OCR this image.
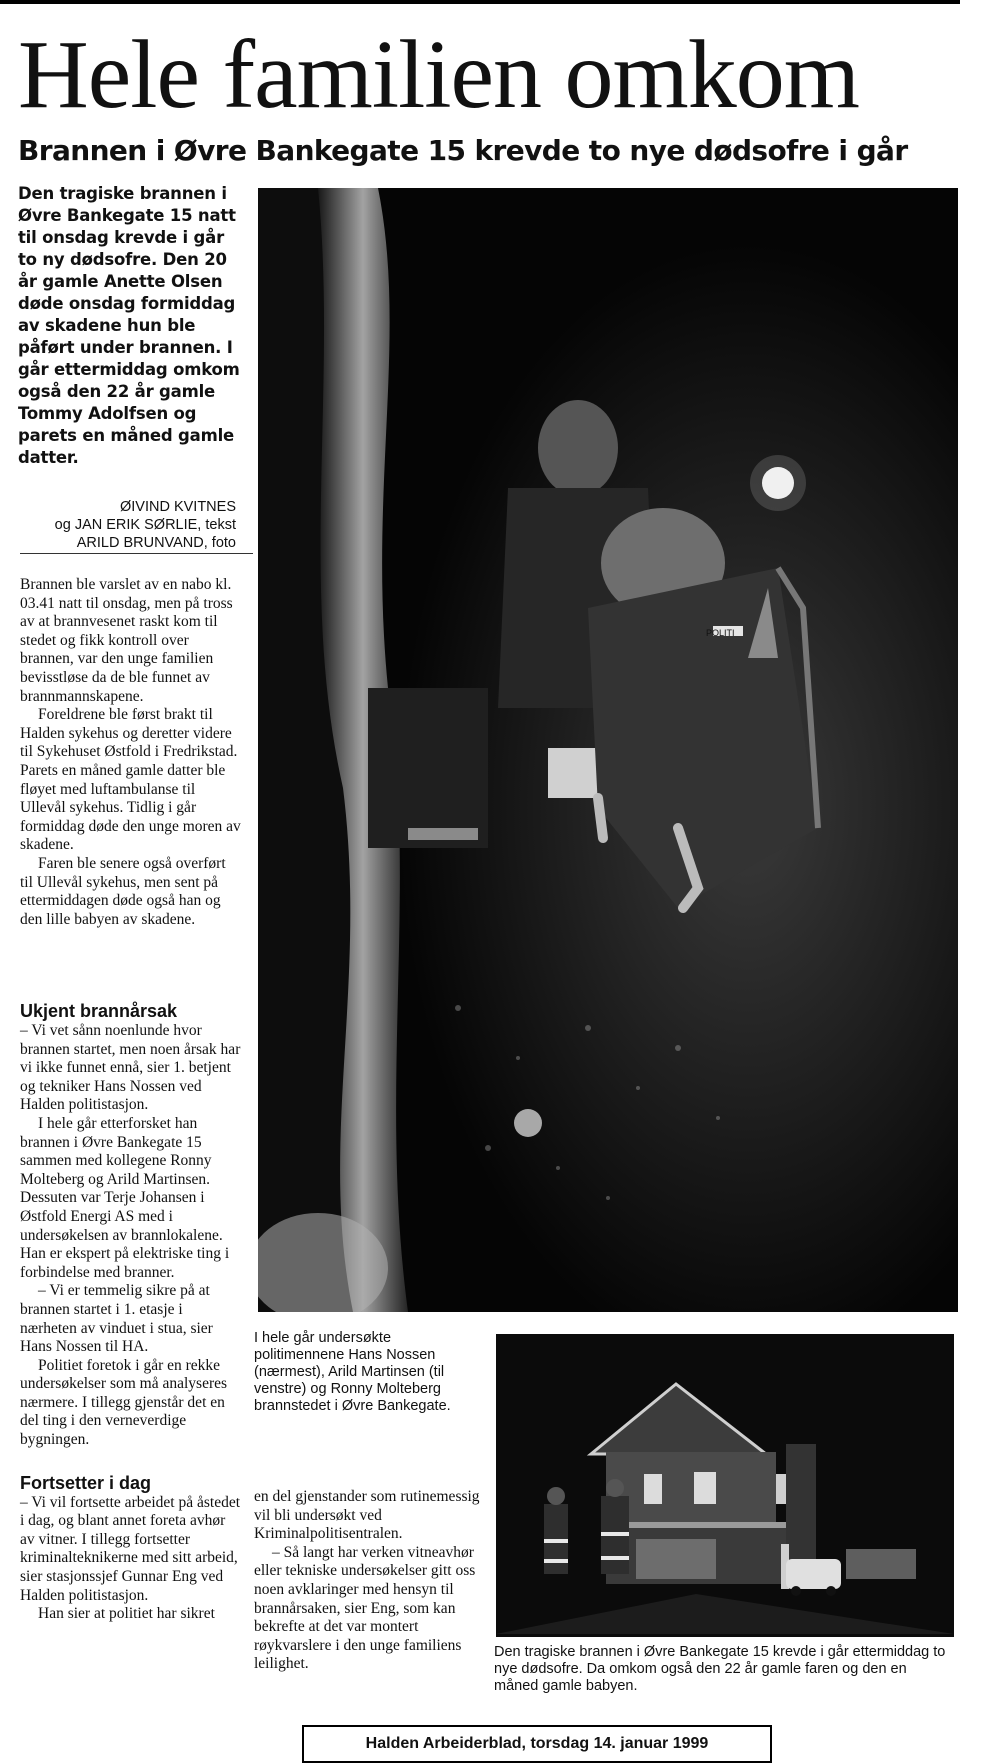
Hele familien omkom
Brannen i Øvre Bankegate 15 krevde to nye dødsofre i går

Den tragiske brannen i Øvre Bankegate 15 natt til onsdag krevde i går to ny dødsofre. Den 20 år gamle Anette Olsen døde onsdag formiddag av skadene hun ble påført under brannen. I går ettermiddag omkom også den 22 år gamle Tommy Adolfsen og parets en måned gamle datter.

ØIVIND KVITNES
og JAN ERIK SØRLIE, tekst
ARILD BRUNVAND, foto

Brannen ble varslet av en nabo kl. 03.41 natt til onsdag, men på tross av at brannvesenet raskt kom til stedet og fikk kontroll over brannen, var den unge familien bevisstløse da de ble funnet av brannmannskapene.

Foreldrene ble først brakt til Halden sykehus og deretter videre til Sykehuset Østfold i Fredrikstad. Parets en måned gamle datter ble fløyet med luftambulanse til Ullevål sykehus. Tidlig i går formiddag døde den unge moren av skadene.

Faren ble senere også overført til Ullevål sykehus, men sent på ettermiddagen døde også han og den lille babyen av skadene.

Ukjent brannårsak

– Vi vet sånn noenlunde hvor brannen startet, men noen årsak har vi ikke funnet ennå, sier 1. betjent og tekniker Hans Nossen ved Halden politistasjon.

I hele går etterforsket han brannen i Øvre Bankegate 15 sammen med kollegene Ronny Molteberg og Arild Martinsen. Dessuten var Terje Johansen i Østfold Energi AS med i undersøkelsen av brannlokalene. Han er ekspert på elektriske ting i forbindelse med branner.

– Vi er temmelig sikre på at brannen startet i 1. etasje i nærheten av vinduet i stua, sier Hans Nossen til HA.

Politiet foretok i går en rekke undersøkelser som må analyseres nærmere. I tillegg gjenstår det en del ting i den verneverdige bygningen.

Fortsetter i dag

– Vi vil fortsette arbeidet på åstedet i dag, og blant annet foreta avhør av vitner. I tillegg fortsetter kriminalteknikerne med sitt arbeid, sier stasjonssjef Gunnar Eng ved Halden politistasjon.

Han sier at politiet har sikret

POLITI
I hele går undersøkte politimennene Hans Nossen (nærmest), Arild Martinsen (til venstre) og Ronny Molteberg brannstedet i Øvre Bankegate.

en del gjenstander som rutinemessig vil bli undersøkt ved Kriminalpolitisentralen.

– Så langt har verken vitneavhør eller tekniske undersøkelser gitt oss noen avklaringer med hensyn til brannårsaken, sier Eng, som kan bekrefte at det var montert røykvarslere i den unge familiens leilighet.

Den tragiske brannen i Øvre Bankegate 15 krevde i går ettermiddag to nye dødsofre. Da omkom også den 22 år gamle faren og den en måned gamle babyen.
Halden Arbeiderblad, torsdag 14. januar 1999
